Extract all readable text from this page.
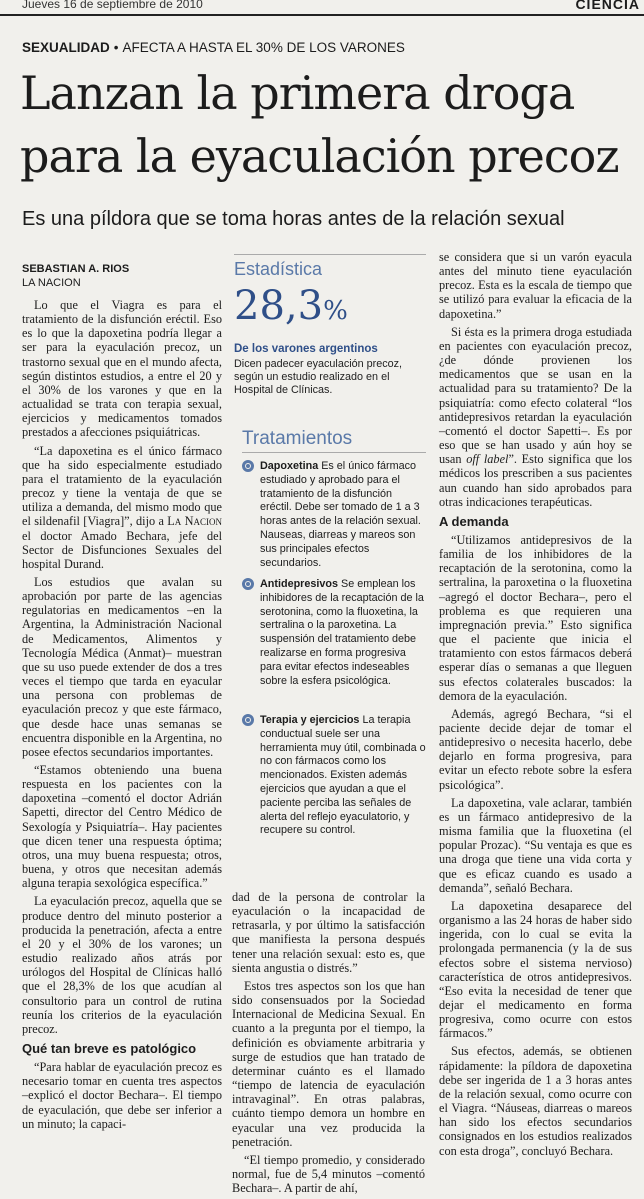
Jueves 16 de septiembre de 2010	CIENCIA
SEXUALIDAD • AFECTA A HASTA EL 30% DE LOS VARONES
Lanzan la primera droga para la eyaculación precoz
Es una píldora que se toma horas antes de la relación sexual
SEBASTIAN A. RIOS
LA NACION

Lo que el Viagra es para el tratamiento de la disfunción eréctil. Eso es lo que la dapoxetina podría llegar a ser para la eyaculación precoz, un trastorno sexual que en el mundo afecta, según distintos estudios, a entre el 20 y el 30% de los varones y que en la actualidad se trata con terapia sexual, ejercicios y medicamentos tomados prestados a afecciones psiquiátricas.

“La dapoxetina es el único fármaco que ha sido especialmente estudiado para el tratamiento de la eyaculación precoz y tiene la ventaja de que se utiliza a demanda, del mismo modo que el sildenafil [Viagra]”, dijo a La Nacion el doctor Amado Bechara, jefe del Sector de Disfunciones Sexuales del hospital Durand.

Los estudios que avalan su aprobación por parte de las agencias regulatorias en medicamentos –en la Argentina, la Administración Nacional de Medicamentos, Alimentos y Tecnología Médica (Anmat)– muestran que su uso puede extender de dos a tres veces el tiempo que tarda en eyacular una persona con problemas de eyaculación precoz y que este fármaco, que desde hace unas semanas se encuentra disponible en la Argentina, no posee efectos secundarios importantes.

“Estamos obteniendo una buena respuesta en los pacientes con la dapoxetina –comentó el doctor Adrián Sapetti, director del Centro Médico de Sexología y Psiquiatría–. Hay pacientes que dicen tener una respuesta óptima; otros, una muy buena respuesta; otros, buena, y otros que necesitan además alguna terapia sexológica específica.”

La eyaculación precoz, aquella que se produce dentro del minuto posterior a producida la penetración, afecta a entre el 20 y el 30% de los varones; un estudio realizado años atrás por urólogos del Hospital de Clínicas halló que el 28,3% de los que acudían al consultorio para un control de rutina reunía los criterios de la eyaculación precoz.

Qué tan breve es patológico

“Para hablar de eyaculación precoz es necesario tomar en cuenta tres aspectos –explicó el doctor Bechara–. El tiempo de eyaculación, que debe ser inferior a un minuto; la capaci-

Estadística
28,3%
De los varones argentinos
Dicen padecer eyaculación precoz, según un estudio realizado en el Hospital de Clínicas.
Tratamientos
Dapoxetina Es el único fármaco estudiado y aprobado para el tratamiento de la disfunción eréctil. Debe ser tomado de 1 a 3 horas antes de la relación sexual. Nauseas, diarreas y mareos son sus principales efectos secundarios.
Antidepresivos Se emplean los inhibidores de la recaptación de la serotonina, como la fluoxetina, la sertralina o la paroxetina. La suspensión del tratamiento debe realizarse en forma progresiva para evitar efectos indeseables sobre la esfera psicológica.
Terapia y ejercicios La terapia conductual suele ser una herramienta muy útil, combinada o no con fármacos como los mencionados. Existen además ejercicios que ayudan a que el paciente perciba las señales de alerta del reflejo eyaculatorio, y recupere su control.

dad de la persona de controlar la eyaculación o la incapacidad de retrasarla, y por último la satisfacción que manifiesta la persona después tener una relación sexual: esto es, que sienta angustia o distrés.”

Estos tres aspectos son los que han sido consensuados por la Sociedad Internacional de Medicina Sexual. En cuanto a la pregunta por el tiempo, la definición es obviamente arbitraria y surge de estudios que han tratado de determinar cuánto es el llamado “tiempo de latencia de eyaculación intravaginal”. En otras palabras, cuánto tiempo demora un hombre en eyacular una vez producida la penetración.

“El tiempo promedio, y considerado normal, fue de 5,4 minutos –comentó Bechara–. A partir de ahí,

se considera que si un varón eyacula antes del minuto tiene eyaculación precoz. Esta es la escala de tiempo que se utilizó para evaluar la eficacia de la dapoxetina.”

Si ésta es la primera droga estudiada en pacientes con eyaculación precoz, ¿de dónde provienen los medicamentos que se usan en la actualidad para su tratamiento? De la psiquiatría: como efecto colateral “los antidepresivos retardan la eyaculación –comentó el doctor Sapetti–. Es por eso que se han usado y aún hoy se usan off label”. Esto significa que los médicos los prescriben a sus pacientes aun cuando han sido aprobados para otras indicaciones terapéuticas.

A demanda

“Utilizamos antidepresivos de la familia de los inhibidores de la recaptación de la serotonina, como la sertralina, la paroxetina o la fluoxetina –agregó el doctor Bechara–, pero el problema es que requieren una impregnación previa.” Esto significa que el paciente que inicia el tratamiento con estos fármacos deberá esperar días o semanas a que lleguen sus efectos colaterales buscados: la demora de la eyaculación.

Además, agregó Bechara, “si el paciente decide dejar de tomar el antidepresivo o necesita hacerlo, debe dejarlo en forma progresiva, para evitar un efecto rebote sobre la esfera psicológica”.

La dapoxetina, vale aclarar, también es un fármaco antidepresivo de la misma familia que la fluoxetina (el popular Prozac). “Su ventaja es que es una droga que tiene una vida corta y que es eficaz cuando es usado a demanda”, señaló Bechara.

La dapoxetina desaparece del organismo a las 24 horas de haber sido ingerida, con lo cual se evita la prolongada permanencia (y la de sus efectos sobre el sistema nervioso) característica de otros antidepresivos. “Eso evita la necesidad de tener que dejar el medicamento en forma progresiva, como ocurre con estos fármacos.”

Sus efectos, además, se obtienen rápidamente: la píldora de dapoxetina debe ser ingerida de 1 a 3 horas antes de la relación sexual, como ocurre con el Viagra. “Náuseas, diarreas o mareos han sido los efectos secundarios consignados en los estudios realizados con esta droga”, concluyó Bechara.
